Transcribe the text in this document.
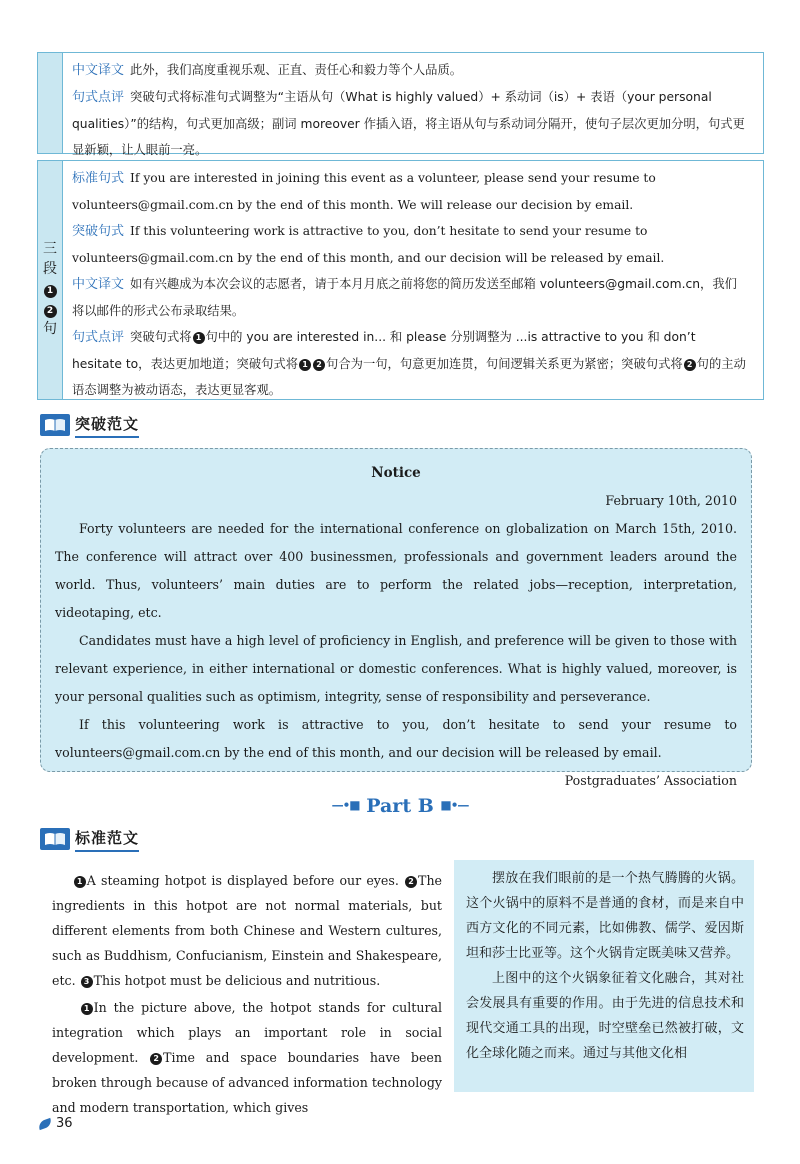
中文译文 此外，我们高度重视乐观、正直、责任心和毅力等个人品质。
句式点评 突破句式将标准句式调整为“主语从句（What is highly valued）+ 系动词（is）+ 表语（your personal qualities）”的结构，句式更加高级；副词 moreover 作插入语，将主语从句与系动词分隔开，使句子层次更加分明，句式更显新颖，让人眼前一亮。
三
段
1
2
句
标准句式 If you are interested in joining this event as a volunteer, please send your resume to volunteers@gmail.com.cn by the end of this month. We will release our decision by email.
突破句式 If this volunteering work is attractive to you, don’t hesitate to send your resume to volunteers@gmail.com.cn by the end of this month, and our decision will be released by email.
中文译文 如有兴趣成为本次会议的志愿者，请于本月月底之前将您的简历发送至邮箱 volunteers@gmail.com.cn，我们将以邮件的形式公布录取结果。
句式点评 突破句式将 1 句中的 you are interested in... 和 please 分别调整为 ...is attractive to you 和 don’t hesitate to，表达更加地道；突破句式将 1 2 句合为一句，句意更加连贯，句间逻辑关系更为紧密；突破句式将 2 句的主动语态调整为被动语态，表达更显客观。
突破范文
Notice
February 10th, 2010

Forty volunteers are needed for the international conference on globalization on March 15th, 2010. The conference will attract over 400 businessmen, professionals and government leaders around the world. Thus, volunteers’ main duties are to perform the related jobs—reception, interpretation, videotaping, etc.

Candidates must have a high level of proficiency in English, and preference will be given to those with relevant experience, in either international or domestic conferences. What is highly valued, moreover, is your personal qualities such as optimism, integrity, sense of responsibility and perseverance.

If this volunteering work is attractive to you, don’t hesitate to send your resume to volunteers@gmail.com.cn by the end of this month, and our decision will be released by email.

Postgraduates’ Association
—•■ Part B ■•—
标准范文

1 A steaming hotpot is displayed before our eyes. 2 The ingredients in this hotpot are not normal materials, but different elements from both Chinese and Western cultures, such as Buddhism, Confucianism, Einstein and Shakespeare, etc. 3 This hotpot must be delicious and nutritious.

1 In the picture above, the hotpot stands for cultural integration which plays an important role in social development. 2 Time and space boundaries have been broken through because of advanced information technology and modern transportation, which gives

摆放在我们眼前的是一个热气腾腾的火锅。这个火锅中的原料不是普通的食材，而是来自中西方文化的不同元素，比如佛教、儒学、爱因斯坦和莎士比亚等。这个火锅肯定既美味又营养。

上图中的这个火锅象征着文化融合，其对社会发展具有重要的作用。由于先进的信息技术和现代交通工具的出现，时空壁垒已然被打破，文化全球化随之而来。通过与其他文化相

36
